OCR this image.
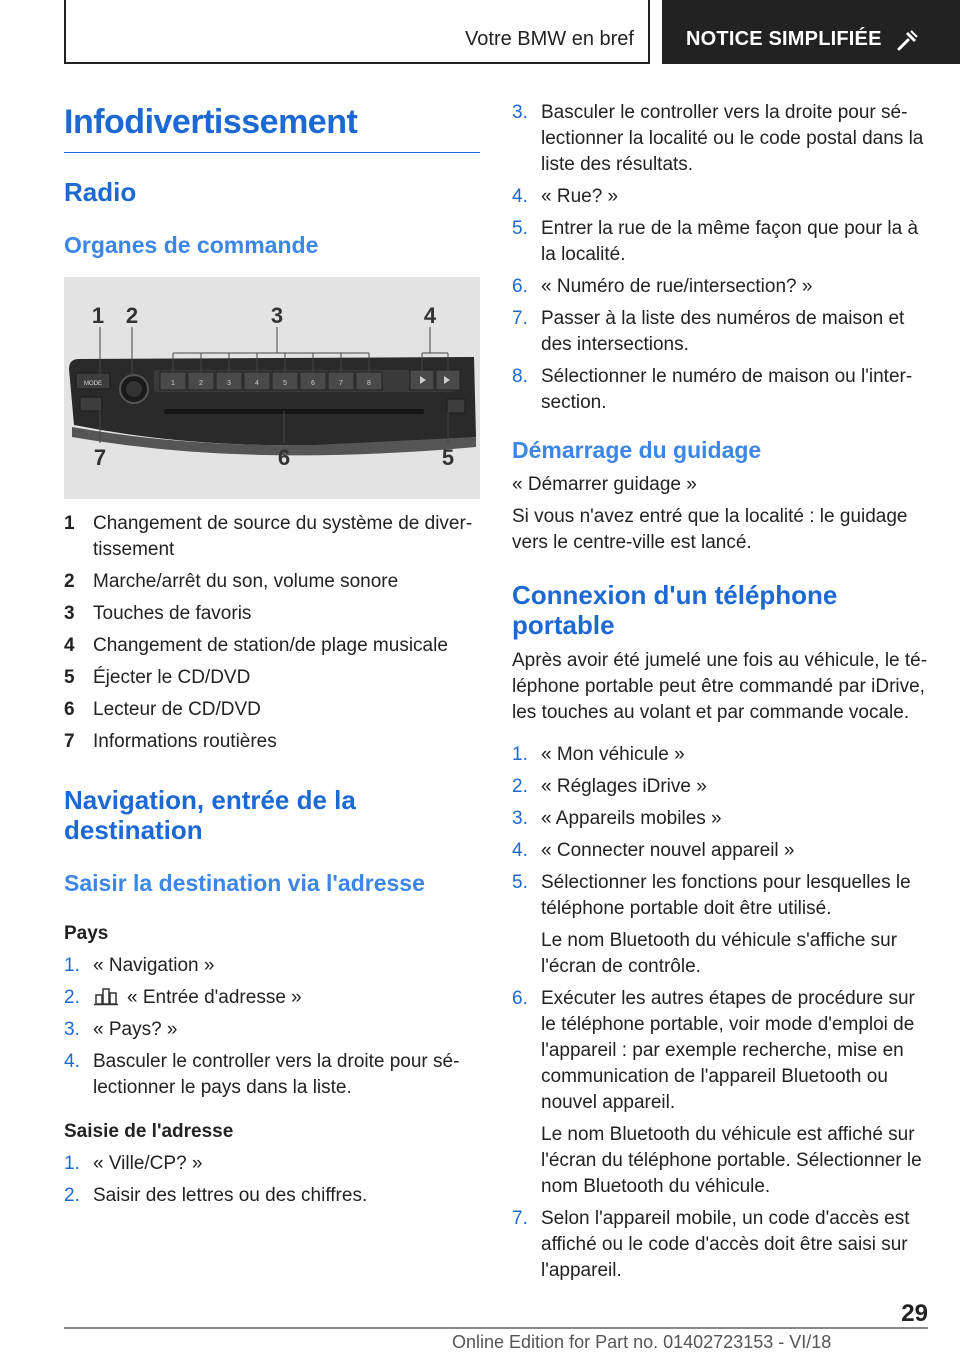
Votre BMW en bref	NOTICE SIMPLIFIÉE
Infodivertissement
Radio
Organes de commande
1	2	3	4	5	6	7	8
MODE
1 2	3	4
5
6
7
1 Changement de source du système de diver-tissement
2 Marche/arrêt du son, volume sonore
3 Touches de favoris
4 Changement de station/de plage musicale
5 Éjecter le CD/DVD
6 Lecteur de CD/DVD
7 Informations routières
Navigation, entrée de la destination
Saisir la destination via l'adresse
Pays
1. « Navigation »
2.	« Entrée d'adresse »
3. « Pays? »
4. Basculer le controller vers la droite pour sé-lectionner le pays dans la liste.
Saisie de l'adresse
1. « Ville/CP? »
2. Saisir des lettres ou des chiffres.
3. Basculer le controller vers la droite pour sé-lectionner la localité ou le code postal dans la liste des résultats.
4. « Rue? »
5. Entrer la rue de la même façon que pour la à la localité.
6. « Numéro de rue/intersection? »
7. Passer à la liste des numéros de maison et des intersections.
8. Sélectionner le numéro de maison ou l'inter-section.
Démarrage du guidage

« Démarrer guidage »

Si vous n'avez entré que la localité : le guidage vers le centre-ville est lancé.

Connexion d'un téléphone portable

Après avoir été jumelé une fois au véhicule, le té-léphone portable peut être commandé par iDrive, les touches au volant et par commande vocale.

1. « Mon véhicule »
2. « Réglages iDrive »
3. « Appareils mobiles »
4. « Connecter nouvel appareil »
5. Sélectionner les fonctions pour lesquelles le téléphone portable doit être utilisé.
Le nom Bluetooth du véhicule s'affiche sur l'écran de contrôle.
6. Exécuter les autres étapes de procédure sur le téléphone portable, voir mode d'emploi de l'appareil : par exemple recherche, mise en communication de l'appareil Bluetooth ou nouvel appareil.
Le nom Bluetooth du véhicule est affiché sur l'écran du téléphone portable. Sélectionner le nom Bluetooth du véhicule.
7. Selon l'appareil mobile, un code d'accès est affiché ou le code d'accès doit être saisi sur l'appareil.
29
Online Edition for Part no. 01402723153 - VI/18
